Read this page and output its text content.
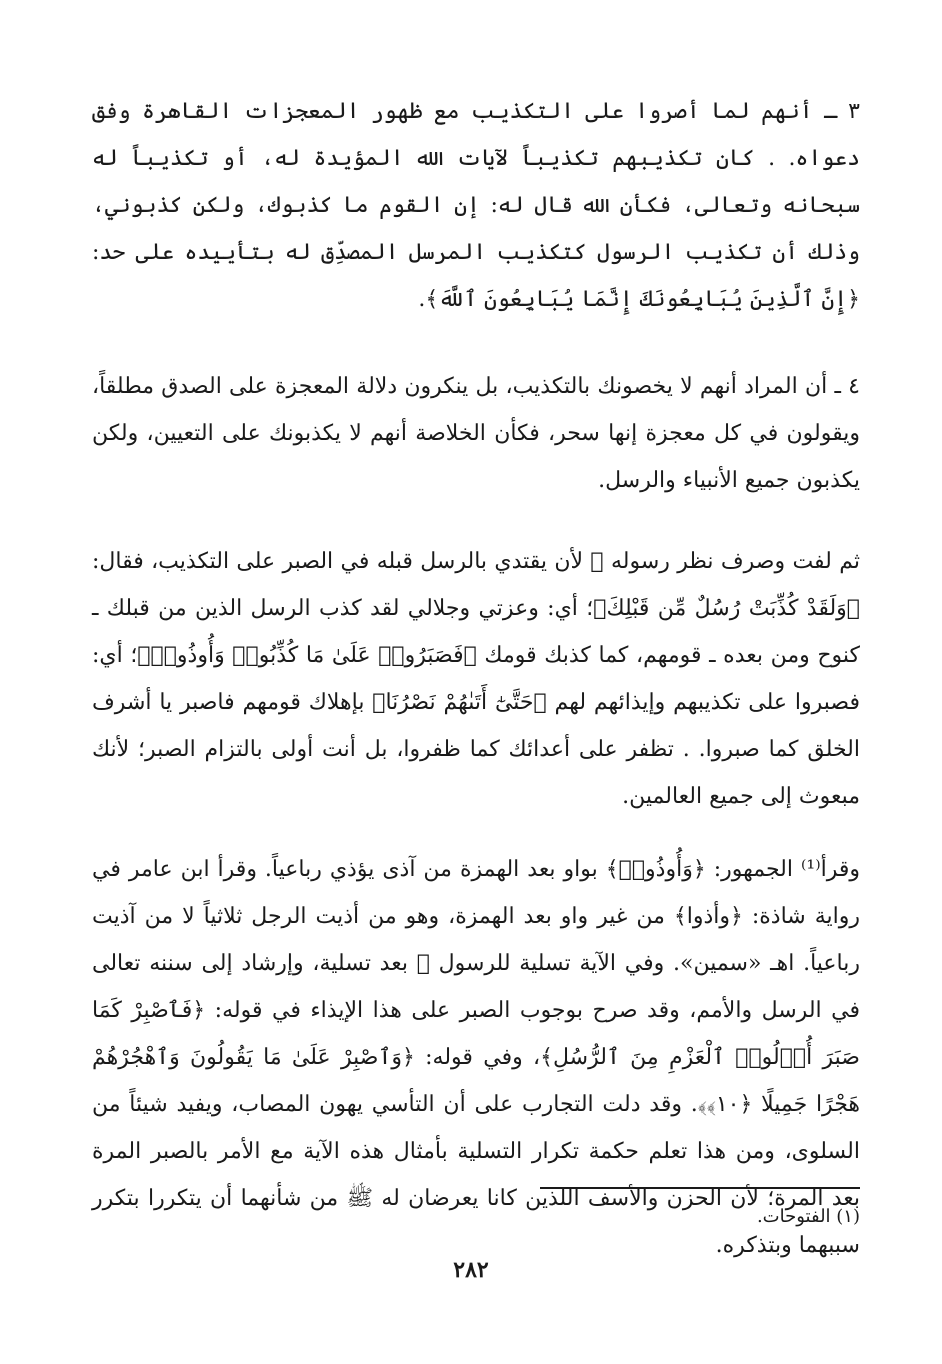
٣ ـ أنهم لما أصروا على التكذيب مع ظهور المعجزات القاهرة وفق دعواه. . كان تكذيبهم تكذيباً لآيات الله المؤيدة له، أو تكذيباً له سبحانه وتعالى، فكأن الله قال له: إن القوم ما كذبوك، ولكن كذبوني، وذلك أن تكذيب الرسول كتكذيب المرسل المصدِّق له بتأييده على حد: ﴿إِنَّ ٱلَّذِينَ يُبَايِعُونَكَ إِنَّمَا يُبَايِعُونَ ٱللَّهَ﴾.

٤ ـ أن المراد أنهم لا يخصونك بالتكذيب، بل ينكرون دلالة المعجزة على الصدق مطلقاً، ويقولون في كل معجزة إنها سحر، فكأن الخلاصة أنهم لا يكذبونك على التعيين، ولكن يكذبون جميع الأنبياء والرسل.

ثم لفت وصرف نظر رسوله ﷺ لأن يقتدي بالرسل قبله في الصبر على التكذيب، فقال: ﴿وَلَقَدْ كُذِّبَتْ رُسُلٌ مِّن قَبْلِكَ﴾؛ أي: وعزتي وجلالي لقد كذب الرسل الذين من قبلك ـ كنوح ومن بعده ـ قومهم، كما كذبك قومك ﴿فَصَبَرُوا۟ عَلَىٰ مَا كُذِّبُوا۟ وَأُوذُوا۟﴾؛ أي: فصبروا على تكذيبهم وإيذائهم لهم ﴿حَتَّىٰٓ أَتَىٰهُمْ نَصْرُنَا﴾ بإهلاك قومهم فاصبر يا أشرف الخلق كما صبروا. . تظفر على أعدائك كما ظفروا، بل أنت أولى بالتزام الصبر؛ لأنك مبعوث إلى جميع العالمين.

وقرأ⁽¹⁾ الجمهور: ﴿وَأُوذُوا۟﴾ بواو بعد الهمزة من آذى يؤذي رباعياً. وقرأ ابن عامر في رواية شاذة: ﴿وأذوا﴾ من غير واو بعد الهمزة، وهو من أذيت الرجل ثلاثياً لا من آذيت رباعياً. اهـ «سمين». وفي الآية تسلية للرسول ﷺ بعد تسلية، وإرشاد إلى سننه تعالى في الرسل والأمم، وقد صرح بوجوب الصبر على هذا الإيذاء في قوله: ﴿فَٱصْبِرْ كَمَا صَبَرَ أُو۟لُوا۟ ٱلْعَزْمِ مِنَ ٱلرُّسُلِ﴾، وفي قوله: ﴿وَٱصْبِرْ عَلَىٰ مَا يَقُولُونَ وَٱهْجُرْهُمْ هَجْرًا جَمِيلًا ﴿١٠﴾﴾. وقد دلت التجارب على أن التأسي يهون المصاب، ويفيد شيئاً من السلوى، ومن هذا تعلم حكمة تكرار التسلية بأمثال هذه الآية مع الأمر بالصبر المرة بعد المرة؛ لأن الحزن والأسف اللذين كانا يعرضان له ﷺ من شأنهما أن يتكررا بتكرر سببهما وبتذكره.

(١) الفتوحات.
٢٨٢
